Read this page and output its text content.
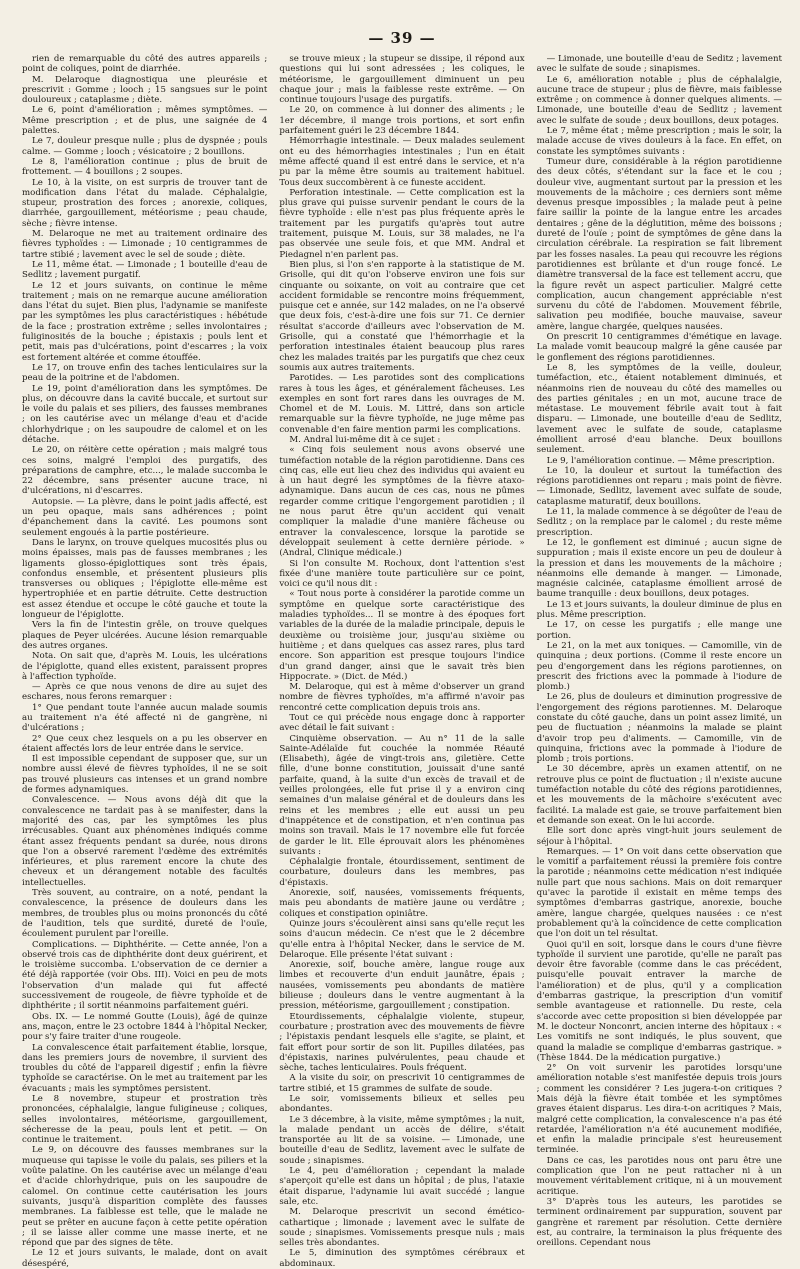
— 39 —

rien de remarquable du côté des autres appareils ; point de coliques, point de diarrhée.

M. Delaroque diagnostiqua une pleurésie et prescrivit : Gomme ; looch ; 15 sangsues sur le point douloureux ; cataplasme ; diète.

Le 6, point d'amélioration ; mêmes symptômes. — Même prescription ; et de plus, une saignée de 4 palettes.

Le 7, douleur presque nulle ; plus de dyspnée ; pouls calme. — Gomme ; looch ; vésicatoire ; 2 bouillons.

Le 8, l'amélioration continue ; plus de bruit de frottement. — 4 bouillons ; 2 soupes.

Le 10, à la visite, on est surpris de trouver tant de modification dans l'état du malade. Céphalalgie, stupeur, prostration des forces ; anorexie, coliques, diarrhée, gargouillement, météorisme ; peau chaude, sèche ; fièvre intense.

M. Delaroque ne met au traitement ordinaire des fièvres typhoïdes : — Limonade ; 10 centigrammes de tartre stibié ; lavement avec le sel de soude ; diète.

Le 11, même état. — Limonade ; 1 bouteille d'eau de Sedlitz ; lavement purgatif.

Le 12 et jours suivants, on continue le même traitement ; mais on ne remarque aucune amélioration dans l'état du sujet. Bien plus, l'adynamie se manifeste par les symptômes les plus caractéristiques : hébétude de la face ; prostration extrême ; selles involontaires ; fuliginosités de la bouche ; épistaxis ; pouls lent et petit, mais pas d'ulcérations, point d'escarres ; la voix est fortement altérée et comme étouffée.

Le 17, on trouve enfin des taches lenticulaires sur la peau de la poitrine et de l'abdomen.

Le 19, point d'amélioration dans les symptômes. De plus, on découvre dans la cavité buccale, et surtout sur le voile du palais et ses piliers, des fausses membranes ; on les cautérise avec un mélange d'eau et d'acide chlorhydrique ; on les saupoudre de calomel et on les détache.

Le 20, on réitère cette opération ; mais malgré tous ces soins, malgré l'emploi des purgatifs, des préparations de camphre, etc..., le malade succomba le 22 décembre, sans présenter aucune trace, ni d'ulcérations, ni d'escarres.

Autopsie. — La plèvre, dans le point jadis affecté, est un peu opaque, mais sans adhérences ; point d'épanchement dans la cavité. Les poumons sont seulement engoués à la partie postérieure.

Dans le larynx, on trouve quelques mucosités plus ou moins épaisses, mais pas de fausses membranes ; les ligaments glosso-épiglottiques sont très épais, confondus ensemble, et présentent plusieurs plis transverses ou obliques ; l'épiglotte elle-même est hypertrophiée et en partie détruite. Cette destruction est assez étendue et occupe le côté gauche et toute la longueur de l'épiglotte.

Vers la fin de l'intestin grêle, on trouve quelques plaques de Peyer ulcérées. Aucune lésion remarquable des autres organes.

Nota. On sait que, d'après M. Louis, les ulcérations de l'épiglotte, quand elles existent, paraissent propres à l'affection typhoïde.

— Après ce que nous venons de dire au sujet des eschares, nous ferons remarquer :

1° Que pendant toute l'année aucun malade soumis au traitement n'a été affecté ni de gangrène, ni d'ulcérations ;

2° Que ceux chez lesquels on a pu les observer en étaient affectés lors de leur entrée dans le service.

Il est impossible cependant de supposer que, sur un nombre aussi élevé de fièvres typhoïdes, il ne se soit pas trouvé plusieurs cas intenses et un grand nombre de formes adynamiques.

Convalescence. — Nous avons déjà dit que la convalescence ne tardait pas à se manifester, dans la majorité des cas, par les symptômes les plus irrécusables. Quant aux phénomènes indiqués comme étant assez fréquents pendant sa durée, nous dirons que l'on a observé rarement l'œdème des extrémités inférieures, et plus rarement encore la chute des cheveux et un dérangement notable des facultés intellectuelles.

Très souvent, au contraire, on a noté, pendant la convalescence, la présence de douleurs dans les membres, de troubles plus ou moins prononcés du côté de l'audition, tels que surdité, dureté de l'ouïe, écoulement purulent par l'oreille.

Complications. — Diphthérite. — Cette année, l'on a observé trois cas de diphthérite dont deux guérirent, et le troisième succomba. L'observation de ce dernier a été déjà rapportée (voir Obs. III). Voici en peu de mots l'observation d'un malade qui fut affecté successivement de rougeole, de fièvre typhoïde et de diphthérite ; il sortit néanmoins parfaitement guéri.

Obs. IX. — Le nommé Goutte (Louis), âgé de quinze ans, maçon, entre le 23 octobre 1844 à l'hôpital Necker, pour s'y faire traiter d'une rougeole.

La convalescence était parfaitement établie, lorsque, dans les premiers jours de novembre, il survient des troubles du côté de l'appareil digestif ; enfin la fièvre typhoïde se caractérise. On le met au traitement par les évacuants ; mais les symptômes persistent.

Le 8 novembre, stupeur et prostration très prononcées, céphalalgie, langue fuligineuse ; coliques, selles involontaires, météorisme, gargouillement, sécheresse de la peau, pouls lent et petit. — On continue le traitement.

Le 9, on découvre des fausses membranes sur la muqueuse qui tapisse le voile du palais, ses piliers et la voûte palatine. On les cautérise avec un mélange d'eau et d'acide chlorhydrique, puis on les saupoudre de calomel. On continue cette cautérisation les jours suivants, jusqu'à disparition complète des fausses membranes. La faiblesse est telle, que le malade ne peut se prêter en aucune façon à cette petite opération ; il se laisse aller comme une masse inerte, et ne répond que par des signes de tête.

Le 12 et jours suivants, le malade, dont on avait désespéré,

se trouve mieux ; la stupeur se dissipe, il répond aux questions qui lui sont adressées ; les coliques, le météorisme, le gargouillement diminuent un peu chaque jour ; mais la faiblesse reste extrême. — On continue toujours l'usage des purgatifs.

Le 20, on commence à lui donner des aliments ; le 1er décembre, il mange trois portions, et sort enfin parfaitement guéri le 23 décembre 1844.

Hémorrhagie intestinale. — Deux malades seulement ont eu des hémorrhagies intestinales ; l'un en était même affecté quand il est entré dans le service, et n'a pu par la même être soumis au traitement habituel. Tous deux succombèrent à ce funeste accident.

Perforation intestinale. — Cette complication est la plus grave qui puisse survenir pendant le cours de la fièvre typhoïde : elle n'est pas plus fréquente après le traitement par les purgatifs qu'après tout autre traitement, puisque M. Louis, sur 38 malades, ne l'a pas observée une seule fois, et que MM. Andral et Piedagnel n'en parlent pas.

Bien plus, si l'on s'en rapporte à la statistique de M. Grisolle, qui dit qu'on l'observe environ une fois sur cinquante ou soixante, on voit au contraire que cet accident formidable se rencontre moins fréquemment, puisque cet e année, sur 142 malades, on ne l'a observé que deux fois, c'est-à-dire une fois sur 71. Ce dernier résultat s'accorde d'ailleurs avec l'observation de M. Grisolle, qui a constaté que l'hémorrhagie et la perforation intestinales étaient beaucoup plus rares chez les malades traités par les purgatifs que chez ceux soumis aux autres traitements.

Parotides. — Les parotides sont des complications rares à tous les âges, et généralement fâcheuses. Les exemples en sont fort rares dans les ouvrages de M. Chomel et de M. Louis. M. Littré, dans son article remarquable sur la fièvre typhoïde, ne juge même pas convenable d'en faire mention parmi les complications.

M. Andral lui-même dit à ce sujet :

« Cinq fois seulement nous avons observé une tuméfaction notable de la région parotidienne. Dans ces cinq cas, elle eut lieu chez des individus qui avaient eu à un haut degré les symptômes de la fièvre ataxo-adynamique. Dans aucun de ces cas, nous ne pûmes regarder comme critique l'engorgement parotidien ; il ne nous parut être qu'un accident qui venait compliquer la maladie d'une manière fâcheuse ou entraver la convalescence, lorsque la parotide se développait seulement à cette dernière période. » (Andral, Clinique médicale.)

Si l'on consulte M. Rochoux, dont l'attention s'est fixée d'une manière toute particulière sur ce point, voici ce qu'il nous dit :

« Tout nous porte à considérer la parotide comme un symptôme en quelque sorte caractéristique des maladies typhoïdes... Il se montre à des époques fort variables de la durée de la maladie principale, depuis le deuxième ou troisième jour, jusqu'au sixième ou huitième ; et dans quelques cas assez rares, plus tard encore. Son apparition est presque toujours l'indice d'un grand danger, ainsi que le savait très bien Hippocrate. » (Dict. de Méd.)

M. Delaroque, qui est à même d'observer un grand nombre de fièvres typhoïdes, m'a affirmé n'avoir pas rencontré cette complication depuis trois ans.

Tout ce qui précède nous engage donc à rapporter avec détail le fait suivant :

Cinquième observation. — Au n° 11 de la salle Sainte-Adélaïde fut couchée la nommée Réauté (Elisabeth), âgée de vingt-trois ans, giletière. Cette fille, d'une bonne constitution, jouissait d'une santé parfaite, quand, à la suite d'un excès de travail et de veilles prolongées, elle fut prise il y a environ cinq semaines d'un malaise général et de douleurs dans les reins et les membres ; elle eut aussi un peu d'inappétence et de constipation, et n'en continua pas moins son travail. Mais le 17 novembre elle fut forcée de garder le lit. Elle éprouvait alors les phénomènes suivants :

Céphalalgie frontale, étourdissement, sentiment de courbature, douleurs dans les membres, pas d'épistaxis.

Anorexie, soif, nausées, vomissements fréquents, mais peu abondants de matière jaune ou verdâtre ; coliques et constipation opiniâtre.

Quinze jours s'écoulèrent ainsi sans qu'elle reçut les soins d'aucun médecin. Ce n'est que le 2 décembre qu'elle entra à l'hôpital Necker, dans le service de M. Delaroque. Elle présente l'état suivant :

Anorexie, soif, bouche amère, langue rouge aux limbes et recouverte d'un enduit jaunâtre, épais ; nausées, vomissements peu abondants de matière bilieuse ; douleurs dans le ventre augmentant à la pression, météorisme, gargouillement ; constipation.

Etourdissements, céphalalgie violente, stupeur, courbature ; prostration avec des mouvements de fièvre ; l'épistaxis pendant lesquels elle s'agite, se plaint, et fait effort pour sortir de son lit. Pupilles dilatées, pas d'épistaxis, narines pulvérulentes, peau chaude et sèche, taches lenticulaires. Pouls fréquent.

A la visite du soir, on prescrivit 10 centigrammes de tartre stibié, et 15 grammes de sulfate de soude.

Le soir, vomissements bilieux et selles peu abondantes.

Le 3 décembre, à la visite, même symptômes ; la nuit, la malade pendant un accès de délire, s'était transportée au lit de sa voisine. — Limonade, une bouteille d'eau de Sedlitz, lavement avec le sulfate de soude ; sinapismes.

Le 4, peu d'amélioration ; cependant la malade s'aperçoit qu'elle est dans un hôpital ; de plus, l'ataxie était disparue, l'adynamie lui avait succédé ; langue sale, etc.

M. Delaroque prescrivit un second émético-cathartique ; limonade ; lavement avec le sulfate de soude ; sinapismes. Vomissements presque nuls ; mais selles très abondantes.

Le 5, diminution des symptômes cérébraux et abdominaux.

— Limonade, une bouteille d'eau de Seditz ; lavement avec le sulfate de soude ; sinapismes.

Le 6, amélioration notable ; plus de céphalalgie, aucune trace de stupeur ; plus de fièvre, mais faiblesse extrême ; on commence à donner quelques aliments. — Limonade, une bouteille d'eau de Sedlitz ; lavement avec le sulfate de soude ; deux bouillons, deux potages.

Le 7, même état ; même prescription ; mais le soir, la malade accuse de vives douleurs à la face. En effet, on constate les symptômes suivants :

Tumeur dure, considérable à la région parotidienne des deux côtés, s'étendant sur la face et le cou ; douleur vive, augmentant surtout par la pression et les mouvements de la mâchoire ; ces derniers sont même devenus presque impossibles ; la malade peut à peine faire saillir la pointe de la langue entre les arcades dentaires ; gêne de la déglutition, même des boissons ; dureté de l'ouïe ; point de symptômes de gêne dans la circulation cérébrale. La respiration se fait librement par les fosses nasales. La peau qui recouvre les régions parotidiennes est brûlante et d'un rouge foncé. Le diamètre transversal de la face est tellement accru, que la figure revêt un aspect particulier. Malgré cette complication, aucun changement appréciable n'est survenu du côté de l'abdomen. Mouvement fébrile, salivation peu modifiée, bouche mauvaise, saveur amère, langue chargée, quelques nausées.

On prescrit 10 centigrammes d'émétique en lavage. La malade vomit beaucoup malgré la gêne causée par le gonflement des régions parotidiennes.

Le 8, les symptômes de la veille, douleur, tuméfaction, etc., étaient notablement diminués, et néanmoins rien de nouveau du côté des mamelles ou des parties génitales ; en un mot, aucune trace de métastase. Le mouvement fébrile avait tout à fait disparu. — Limonade, une bouteille d'eau de Sedlitz, lavement avec le sulfate de soude, cataplasme émollient arrosé d'eau blanche. Deux bouillons seulement.

Le 9, l'amélioration continue. — Même prescription.

Le 10, la douleur et surtout la tuméfaction des régions parotidiennes ont reparu ; mais point de fièvre. — Limonade, Sedlitz, lavement avec sulfate de soude, cataplasme maturatif, deux bouillons.

Le 11, la malade commence à se dégoûter de l'eau de Sedlitz ; on la remplace par le calomel ; du reste même prescription.

Le 12, le gonflement est diminué ; aucun signe de suppuration ; mais il existe encore un peu de douleur à la pression et dans les mouvements de la mâchoire ; néanmoins elle demande à manger. — Limonade, magnésie calcinée, cataplasme émollient arrosé de baume tranquille : deux bouillons, deux potages.

Le 13 et jours suivants, la douleur diminue de plus en plus. Même prescription.

Le 17, on cesse les purgatifs ; elle mange une portion.

Le 21, on la met aux toniques. — Camomille, vin de quinquina ; deux portions. (Comme il reste encore un peu d'engorgement dans les régions parotiennes, on prescrit des frictions avec la pommade à l'iodure de plomb.)

Le 26, plus de douleurs et diminution progressive de l'engorgement des régions parotiennes. M. Delaroque constate du côté gauche, dans un point assez limité, un peu de fluctuation ; néanmoins la malade se plaint d'avoir trop peu d'aliments. — Camomille, vin de quinquina, frictions avec la pommade à l'iodure de plomb ; trois portions.

Le 30 décembre, après un examen attentif, on ne retrouve plus ce point de fluctuation ; il n'existe aucune tuméfaction notable du côté des régions parotidiennes, et les mouvements de la mâchoire s'exécutent avec facilité. La malade est gaie, se trouve parfaitement bien et demande son exeat. On le lui accorde.

Elle sort donc après vingt-huit jours seulement de séjour à l'hôpital.

Remarques. — 1° On voit dans cette observation que le vomitif a parfaitement réussi la première fois contre la parotide ; néanmoins cette médication n'est indiquée nulle part que nous sachions. Mais on doit remarquer qu'avec la parotide il existait en même temps des symptômes d'embarras gastrique, anorexie, bouche amère, langue chargée, quelques nausées : ce n'est probablement qu'à la coïncidence de cette complication que l'on doit un tel résultat.

Quoi qu'il en soit, lorsque dans le cours d'une fièvre typhoïde il survient une parotide, qu'elle ne paraît pas devoir être favorable (comme dans le cas précédent, puisqu'elle pouvait entraver la marche de l'amélioration) et de plus, qu'il y a complication d'embarras gastrique, la prescription d'un vomitif semble avantageuse et rationnelle. Du reste, cela s'accorde avec cette proposition si bien développée par M. le docteur Nonconrt, ancien interne des hôpitaux : « Les vomitifs ne sont indiqués, le plus souvent, que quand la maladie se complique d'embarras gastrique. » (Thèse 1844. De la médication purgative.)

2° On voit survenir les parotides lorsqu'une amélioration notable s'est manifestée depuis trois jours ; comment les considérer ? Les jugera-t-on critiques ? Mais déjà la fièvre était tombée et les symptômes graves étaient disparus. Les dira-t-on acritiques ? Mais, malgré cette complication, la convalescence n'a pas été retardée, l'amélioration n'a été aucunement modifiée, et enfin la maladie principale s'est heureusement terminée.

Dans ce cas, les parotides nous ont paru être une complication que l'on ne peut rattacher ni à un mouvement véritablement critique, ni à un mouvement acritique.

3° D'après tous les auteurs, les parotides se terminent ordinairement par suppuration, souvent par gangrène et rarement par résolution. Cette dernière est, au contraire, la terminaison la plus fréquente des oreillons. Cependant nous
